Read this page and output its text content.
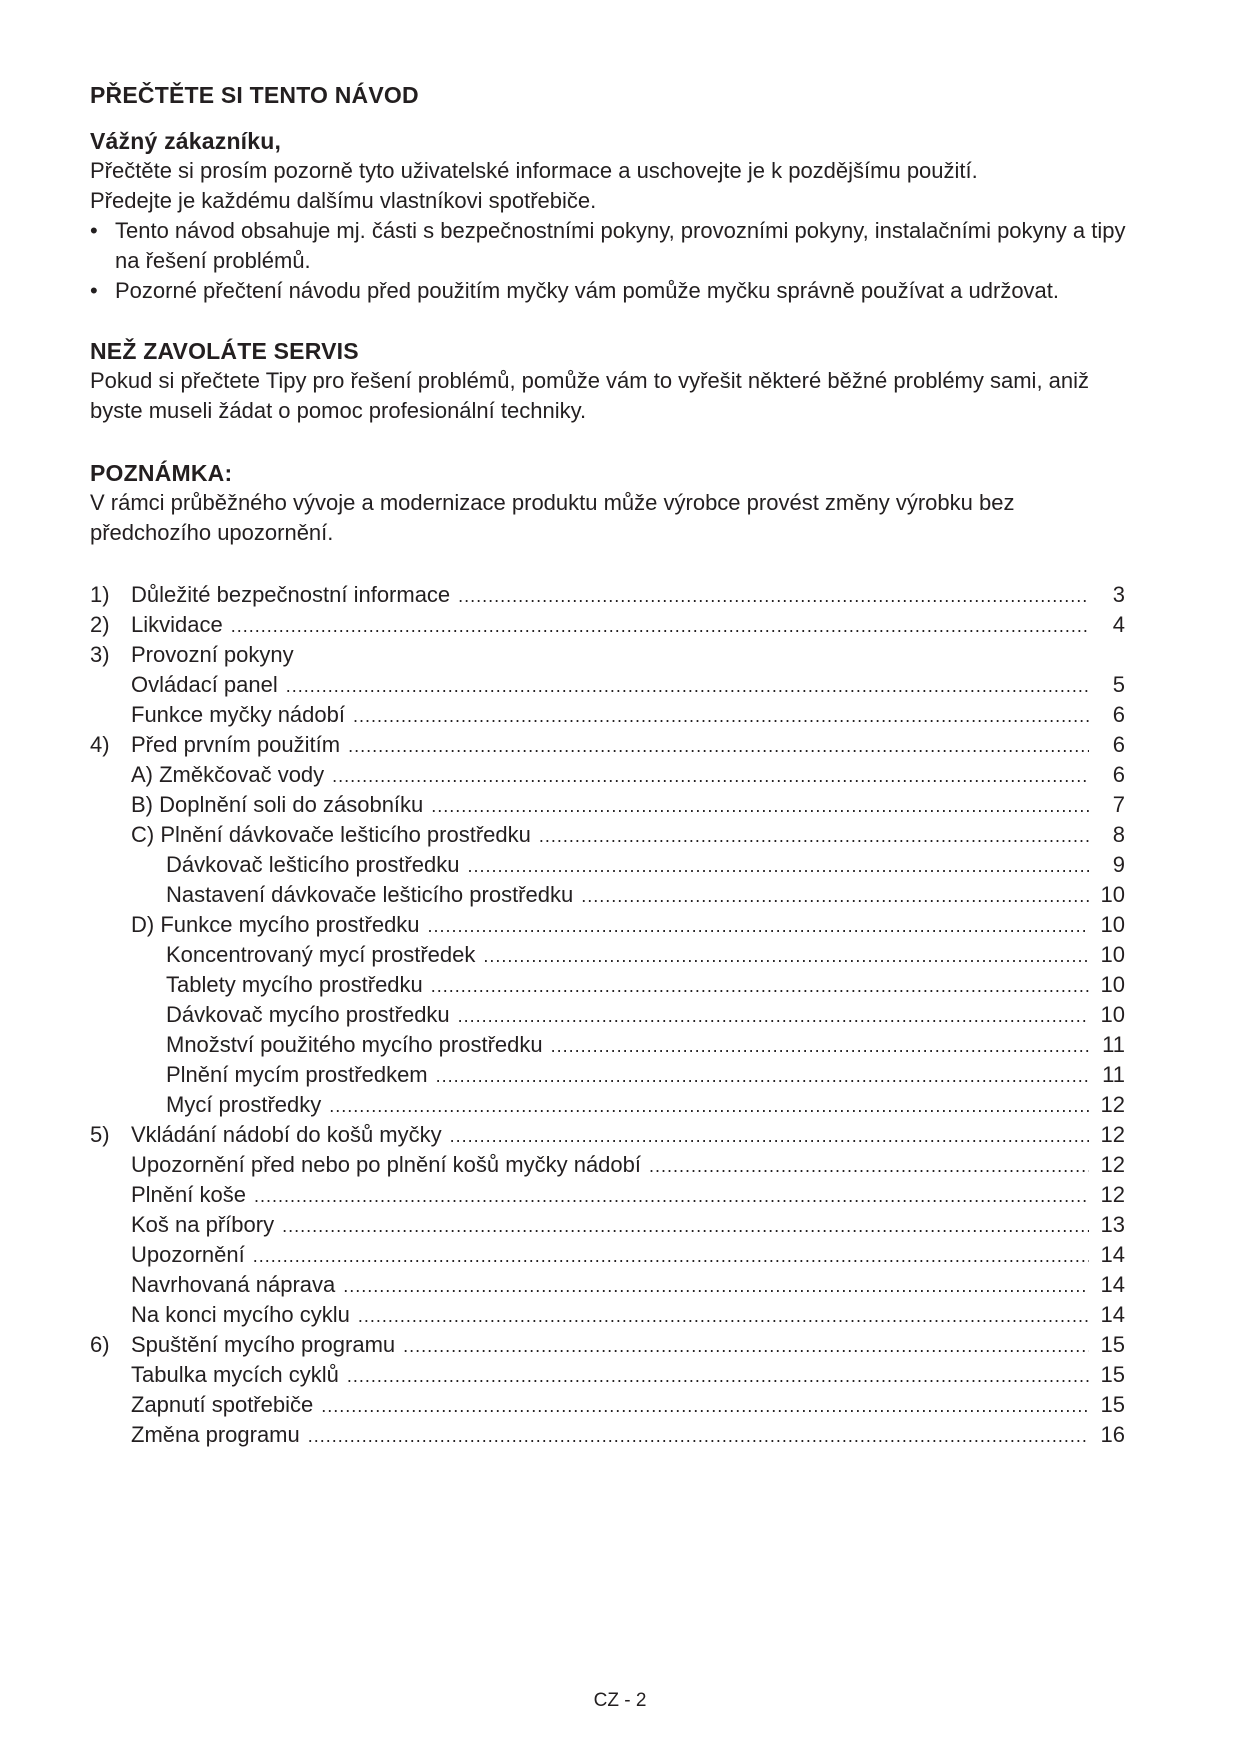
PŘEČTĚTE SI TENTO NÁVOD

Vážný zákazníku,

Přečtěte si prosím pozorně tyto uživatelské informace a uschovejte je k pozdějšímu použití.

Předejte je každému dalšímu vlastníkovi spotřebiče.

• Tento návod obsahuje mj. části s bezpečnostními pokyny, provozními pokyny, instalačními pokyny a tipy na řešení problémů.
• Pozorné přečtení návodu před použitím myčky vám pomůže myčku správně používat a udržovat.
NEŽ ZAVOLÁTE SERVIS

Pokud si přečtete Tipy pro řešení problémů, pomůže vám to vyřešit některé běžné problémy sami, aniž byste museli žádat o pomoc profesionální techniky.

POZNÁMKA:

V rámci průběžného vývoje a modernizace produktu může výrobce provést změny výrobku bez předchozího upozornění.

1) Důležité bezpečnostní informace .....	3
2) Likvidace .....	4
3) Provozní pokyny
Ovládací panel .....	5
Funkce myčky nádobí .....	6
4) Před prvním použitím .....	6
A) Změkčovač vody .....	6
B) Doplnění soli do zásobníku .....	7
C) Plnění dávkovače lešticího prostředku .....	8
Dávkovač lešticího prostředku .....	9
Nastavení dávkovače lešticího prostředku .....	10
D) Funkce mycího prostředku .....	10
Koncentrovaný mycí prostředek .....	10
Tablety mycího prostředku .....	10
Dávkovač mycího prostředku .....	10
Množství použitého mycího prostředku .....	11
Plnění mycím prostředkem .....	11
Mycí prostředky .....	12
5) Vkládání nádobí do košů myčky .....	12
Upozornění před nebo po plnění košů myčky nádobí .....	12
Plnění koše .....	12
Koš na příbory .....	13
Upozornění .....	14
Navrhovaná náprava .....	14
Na konci mycího cyklu .....	14
6) Spuštění mycího programu .....	15
Tabulka mycích cyklů .....	15
Zapnutí spotřebiče .....	15
Změna programu .....	16
CZ - 2
